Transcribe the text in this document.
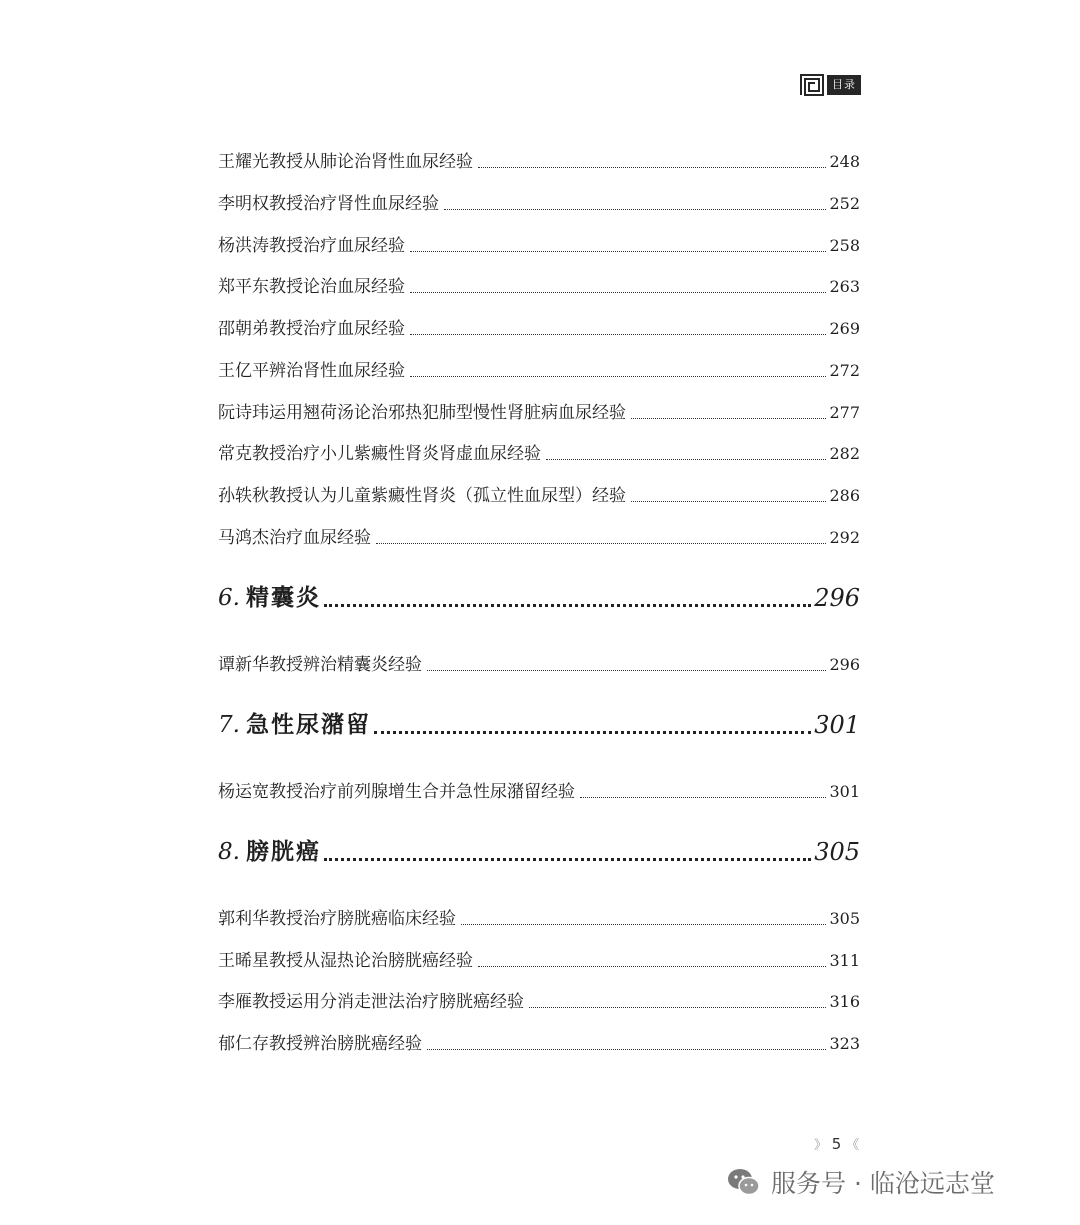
目录
王耀光教授从肺论治肾性血尿经验	248
李明权教授治疗肾性血尿经验	252
杨洪涛教授治疗血尿经验	258
郑平东教授论治血尿经验	263
邵朝弟教授治疗血尿经验	269
王亿平辨治肾性血尿经验	272
阮诗玮运用翘荷汤论治邪热犯肺型慢性肾脏病血尿经验	277
常克教授治疗小儿紫癜性肾炎肾虚血尿经验	282
孙轶秋教授认为儿童紫癜性肾炎（孤立性血尿型）经验	286
马鸿杰治疗血尿经验	292
6. 精囊炎	296
谭新华教授辨治精囊炎经验	296
7. 急性尿潴留	301
杨运宽教授治疗前列腺增生合并急性尿潴留经验	301
8. 膀胱癌	305
郭利华教授治疗膀胱癌临床经验	305
王晞星教授从湿热论治膀胱癌经验	311
李雁教授运用分消走泄法治疗膀胱癌经验	316
郁仁存教授辨治膀胱癌经验	323
》 5 《
服务号 · 临沧远志堂
